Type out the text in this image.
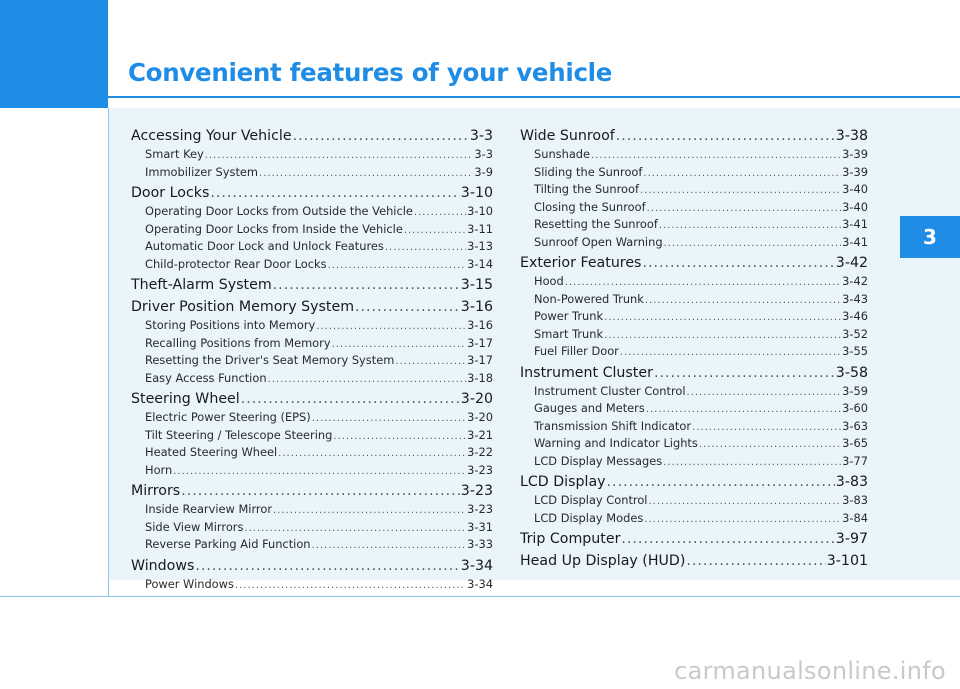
Convenient features of your vehicle
3
Accessing Your Vehicle .....	3-3
Smart Key .....	3-3
Immobilizer System .....	3-9
Door Locks .....	3-10
Operating Door Locks from Outside the Vehicle .....	3-10
Operating Door Locks from Inside the Vehicle .....	3-11
Automatic Door Lock and Unlock Features .....	3-13
Child-protector Rear Door Locks .....	3-14
Theft-Alarm System .....	3-15
Driver Position Memory System .....	3-16
Storing Positions into Memory .....	3-16
Recalling Positions from Memory .....	3-17
Resetting the Driver's Seat Memory System .....	3-17
Easy Access Function .....	3-18
Steering Wheel .....	3-20
Electric Power Steering (EPS) .....	3-20
Tilt Steering / Telescope Steering .....	3-21
Heated Steering Wheel .....	3-22
Horn .....	3-23
Mirrors .....	3-23
Inside Rearview Mirror .....	3-23
Side View Mirrors .....	3-31
Reverse Parking Aid Function .....	3-33
Windows .....	3-34
Power Windows .....	3-34
Wide Sunroof .....	3-38
Sunshade .....	3-39
Sliding the Sunroof .....	3-39
Tilting the Sunroof .....	3-40
Closing the Sunroof .....	3-40
Resetting the Sunroof .....	3-41
Sunroof Open Warning .....	3-41
Exterior Features .....	3-42
Hood .....	3-42
Non-Powered Trunk .....	3-43
Power Trunk .....	3-46
Smart Trunk .....	3-52
Fuel Filler Door .....	3-55
Instrument Cluster .....	3-58
Instrument Cluster Control .....	3-59
Gauges and Meters .....	3-60
Transmission Shift Indicator .....	3-63
Warning and Indicator Lights .....	3-65
LCD Display Messages .....	3-77
LCD Display .....	3-83
LCD Display Control .....	3-83
LCD Display Modes .....	3-84
Trip Computer .....	3-97
Head Up Display (HUD) .....	3-101
carmanualsonline.info
